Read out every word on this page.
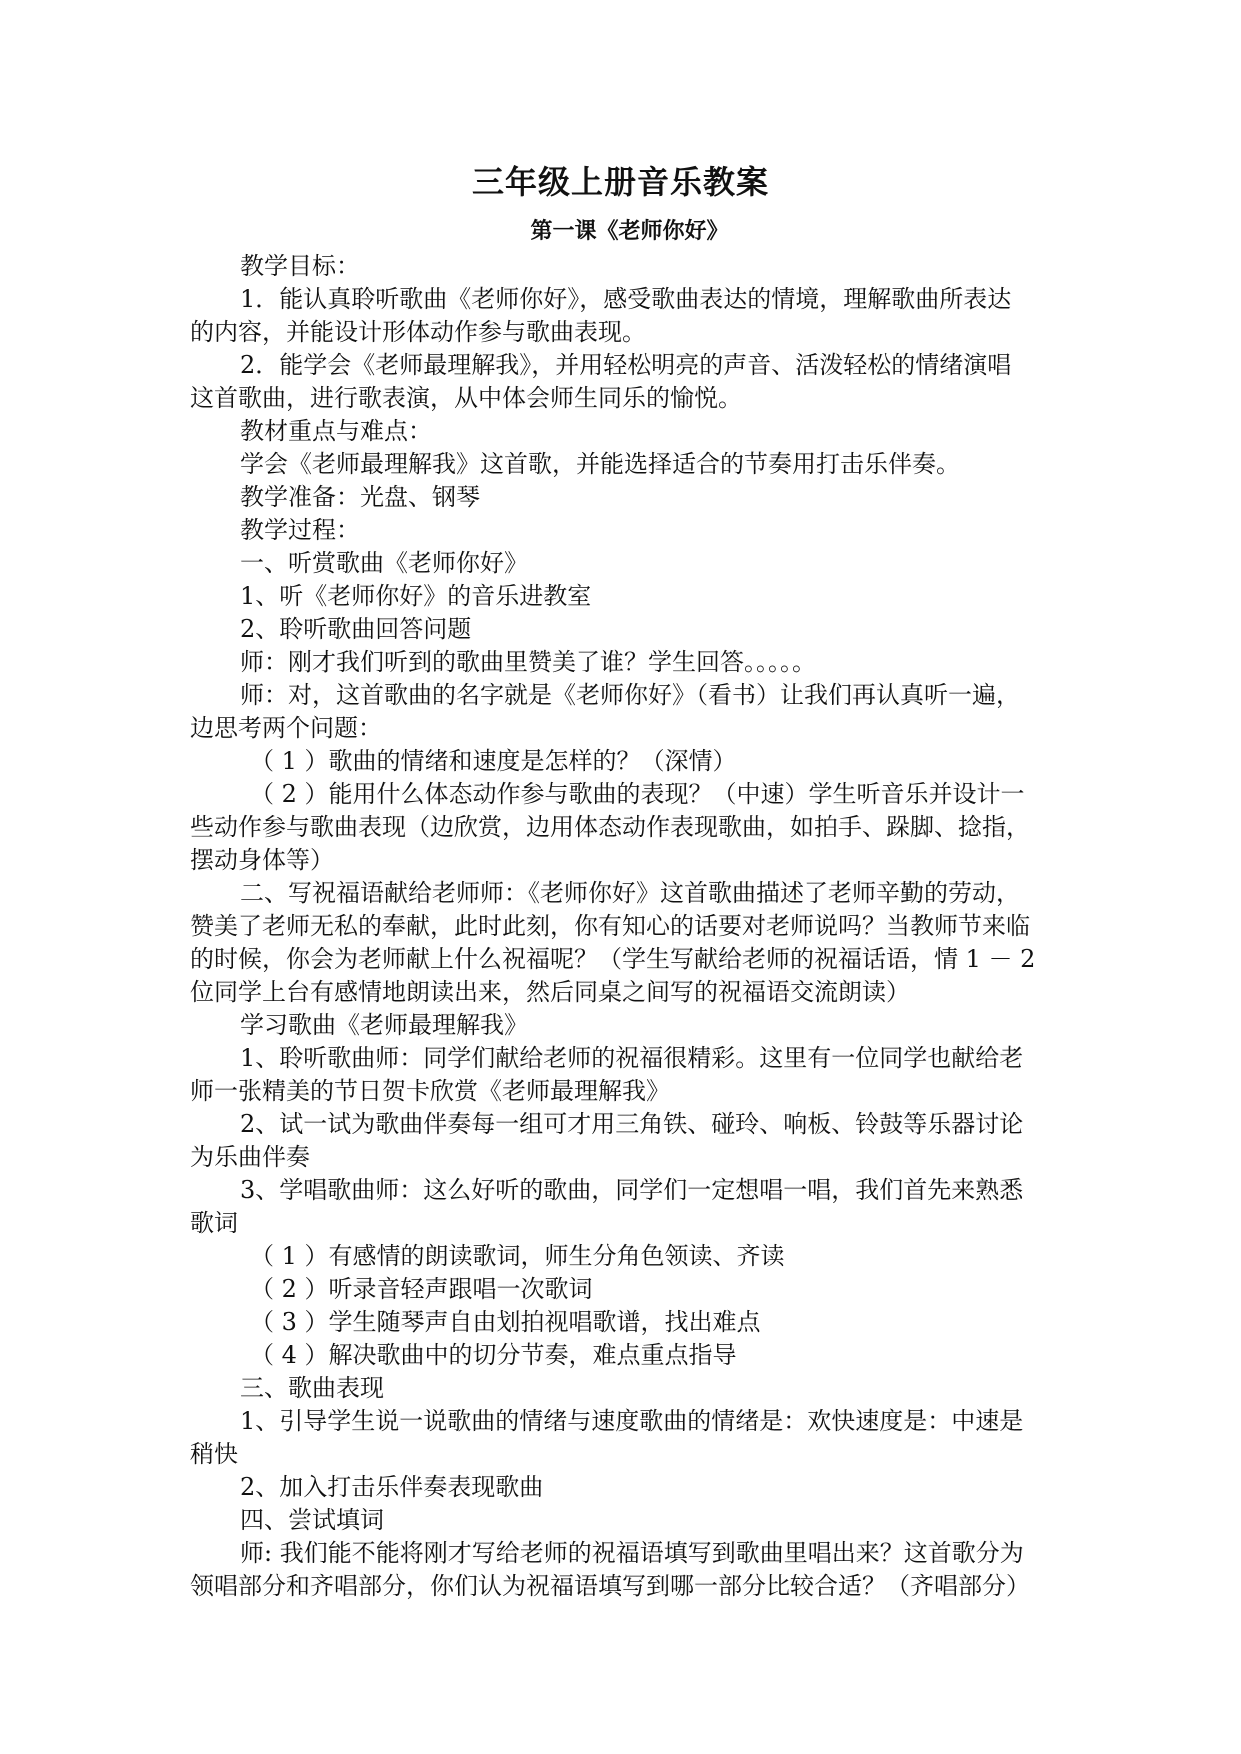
三年级上册音乐教案
第一课《老师你好》

教学目标：

1．能认真聆听歌曲《老师你好》，感受歌曲表达的情境，理解歌曲所表达

的内容，并能设计形体动作参与歌曲表现。

2．能学会《老师最理解我》，并用轻松明亮的声音、活泼轻松的情绪演唱

这首歌曲，进行歌表演，从中体会师生同乐的愉悦。

教材重点与难点：

学会《老师最理解我》这首歌，并能选择适合的节奏用打击乐伴奏。

教学准备：光盘、钢琴

教学过程：

一、听赏歌曲《老师你好》

1、听《老师你好》的音乐进教室

2、聆听歌曲回答问题

师：刚才我们听到的歌曲里赞美了谁？学生回答。。。。。

师：对，这首歌曲的名字就是《老师你好》（看书）让我们再认真听一遍，

边思考两个问题：

（ 1 ）歌曲的情绪和速度是怎样的？（深情）

（ 2 ）能用什么体态动作参与歌曲的表现？（中速）学生听音乐并设计一

些动作参与歌曲表现（边欣赏，边用体态动作表现歌曲，如拍手、跺脚、捻指，

摆动身体等）

二、写祝福语献给老师师：《老师你好》这首歌曲描述了老师辛勤的劳动，

赞美了老师无私的奉献，此时此刻，你有知心的话要对老师说吗？当教师节来临

的时候，你会为老师献上什么祝福呢？（学生写献给老师的祝福话语，情 1 － 2

位同学上台有感情地朗读出来，然后同桌之间写的祝福语交流朗读）

学习歌曲《老师最理解我》

1、聆听歌曲师：同学们献给老师的祝福很精彩。这里有一位同学也献给老

师一张精美的节日贺卡欣赏《老师最理解我》

2、试一试为歌曲伴奏每一组可才用三角铁、碰玲、响板、铃鼓等乐器讨论

为乐曲伴奏

3、学唱歌曲师：这么好听的歌曲，同学们一定想唱一唱，我们首先来熟悉

歌词

（ 1 ）有感情的朗读歌词，师生分角色领读、齐读

（ 2 ）听录音轻声跟唱一次歌词

（ 3 ）学生随琴声自由划拍视唱歌谱，找出难点

（ 4 ）解决歌曲中的切分节奏，难点重点指导

三、歌曲表现

1、引导学生说一说歌曲的情绪与速度歌曲的情绪是：欢快速度是：中速是

稍快

2、加入打击乐伴奏表现歌曲

四、尝试填词

师: 我们能不能将刚才写给老师的祝福语填写到歌曲里唱出来？这首歌分为

领唱部分和齐唱部分，你们认为祝福语填写到哪一部分比较合适？（齐唱部分）
